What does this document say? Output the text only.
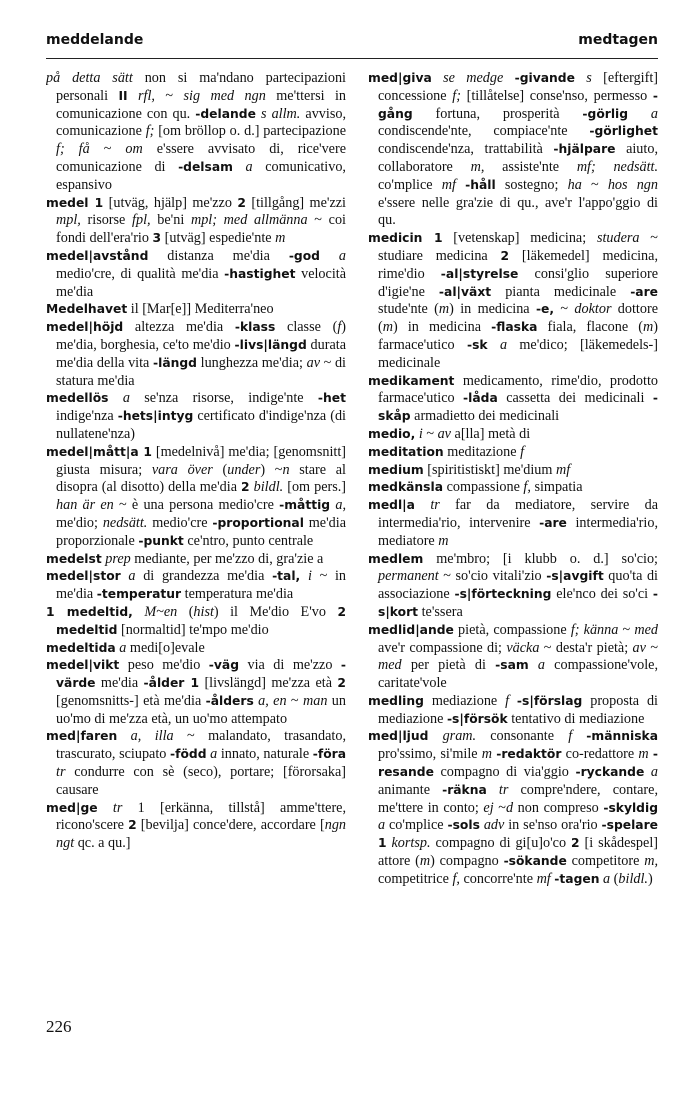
meddelande	medtagen

på detta sätt non si ma'ndano partecipazioni personali II rfl, ~ sig med ngn me'ttersi in comunicazione con qu. -delande s allm. avviso, comunicazione f; [om bröllop o. d.] partecipazione f; få ~ om e'ssere avvisato di, rice'vere comunicazione di -delsam a comunicativo, espansivo

medel 1 [utväg, hjälp] me'zzo 2 [tillgång] me'zzi mpl, risorse fpl, be'ni mpl; med allmänna ~ coi fondi dell'era'rio 3 [utväg] espedie'nte m

medel|avstånd distanza me'dia -god a medio'cre, di qualità me'dia -hastighet velocità me'dia

Medelhavet il [Mar[e]] Mediterra'neo

medel|höjd altezza me'dia -klass classe (f) me'dia, borghesia, ce'to me'dio -livs|längd durata me'dia della vita -längd lunghezza me'dia; av ~ di statura me'dia

medellös a se'nza risorse, indige'nte -het indige'nza -hets|intyg certificato d'indige'nza (di nullatene'nza)

medel|mått|a 1 [medelnivå] me'dia; [genomsnitt] giusta misura; vara över (under) ~n stare al disopra (al disotto) della me'dia 2 bildl. [om pers.] han är en ~ è una persona medio'cre -måttig a, me'dio; nedsätt. medio'cre -proportional me'dia proporzionale -punkt ce'ntro, punto centrale

medelst prep mediante, per me'zzo di, gra'zie a

medel|stor a di grandezza me'dia -tal, i ~ in me'dia -temperatur temperatura me'dia

1 medeltid, M~en (hist) il Me'dio E'vo 2 medeltid [normaltid] te'mpo me'dio

medeltida a medi[o]evale

medel|vikt peso me'dio -väg via di me'zzo -värde me'dia -ålder 1 [livslängd] me'zza età 2 [genomsnitts-] età me'dia -ålders a, en ~ man un uo'mo di me'zza età, un uo'mo attempato

med|faren a, illa ~ malandato, trasandato, trascurato, sciupato -född a innato, naturale -föra tr condurre con sè (seco), portare; [förorsaka] causare

med|ge tr 1 [erkänna, tillstå] amme'ttere, ricono'scere 2 [bevilja] conce'dere, accordare [ngn ngt qc. a qu.]

med|giva se medge -givande s [eftergift] concessione f; [tillåtelse] conse'nso, permesso -gång fortuna, prosperità -görlig a condiscende'nte, compiace'nte -görlighet condiscende'nza, trattabilità -hjälpare aiuto, collaboratore m, assiste'nte mf; nedsätt. co'mplice mf -håll sostegno; ha ~ hos ngn e'ssere nelle gra'zie di qu., ave'r l'appo'ggio di qu.

medicin 1 [vetenskap] medicina; studera ~ studiare medicina 2 [läkemedel] medicina, rime'dio -al|styrelse consi'glio superiore d'igie'ne -al|växt pianta medicinale -are stude'nte (m) in medicina -e, ~ doktor dottore (m) in medicina -flaska fiala, flacone (m) farmace'utico -sk a me'dico; [läkemedels-] medicinale

medikament medicamento, rime'dio, prodotto farmace'utico -låda cassetta dei medicinali -skåp armadietto dei medicinali

medio, i ~ av a[lla] metà di

meditation meditazione f

medium [spiritistiskt] me'dium mf

medkänsla compassione f, simpatia

medl|a tr far da mediatore, servire da intermedia'rio, intervenire -are intermedia'rio, mediatore m

medlem me'mbro; [i klubb o. d.] so'cio; permanent ~ so'cio vitali'zio -s|avgift quo'ta di associazione -s|förteckning ele'nco dei so'ci -s|kort te'ssera

medlid|ande pietà, compassione f; känna ~ med ave'r compassione di; väcka ~ desta'r pietà; av ~ med per pietà di -sam a compassione'vole, caritate'vole

medling mediazione f -s|förslag proposta di mediazione -s|försök tentativo di mediazione

med|ljud gram. consonante f -människa pro'ssimo, si'mile m -redaktör co-redattore m -resande compagno di via'ggio -ryckande a animante -räkna tr compre'ndere, contare, me'ttere in conto; ej ~d non compreso -skyldig a co'mplice -sols adv in se'nso ora'rio -spelare 1 kortsp. compagno di gi[u]o'co 2 [i skådespel] attore (m) compagno -sökande competitore m, competitrice f, concorre'nte mf -tagen a (bildl.)

226
